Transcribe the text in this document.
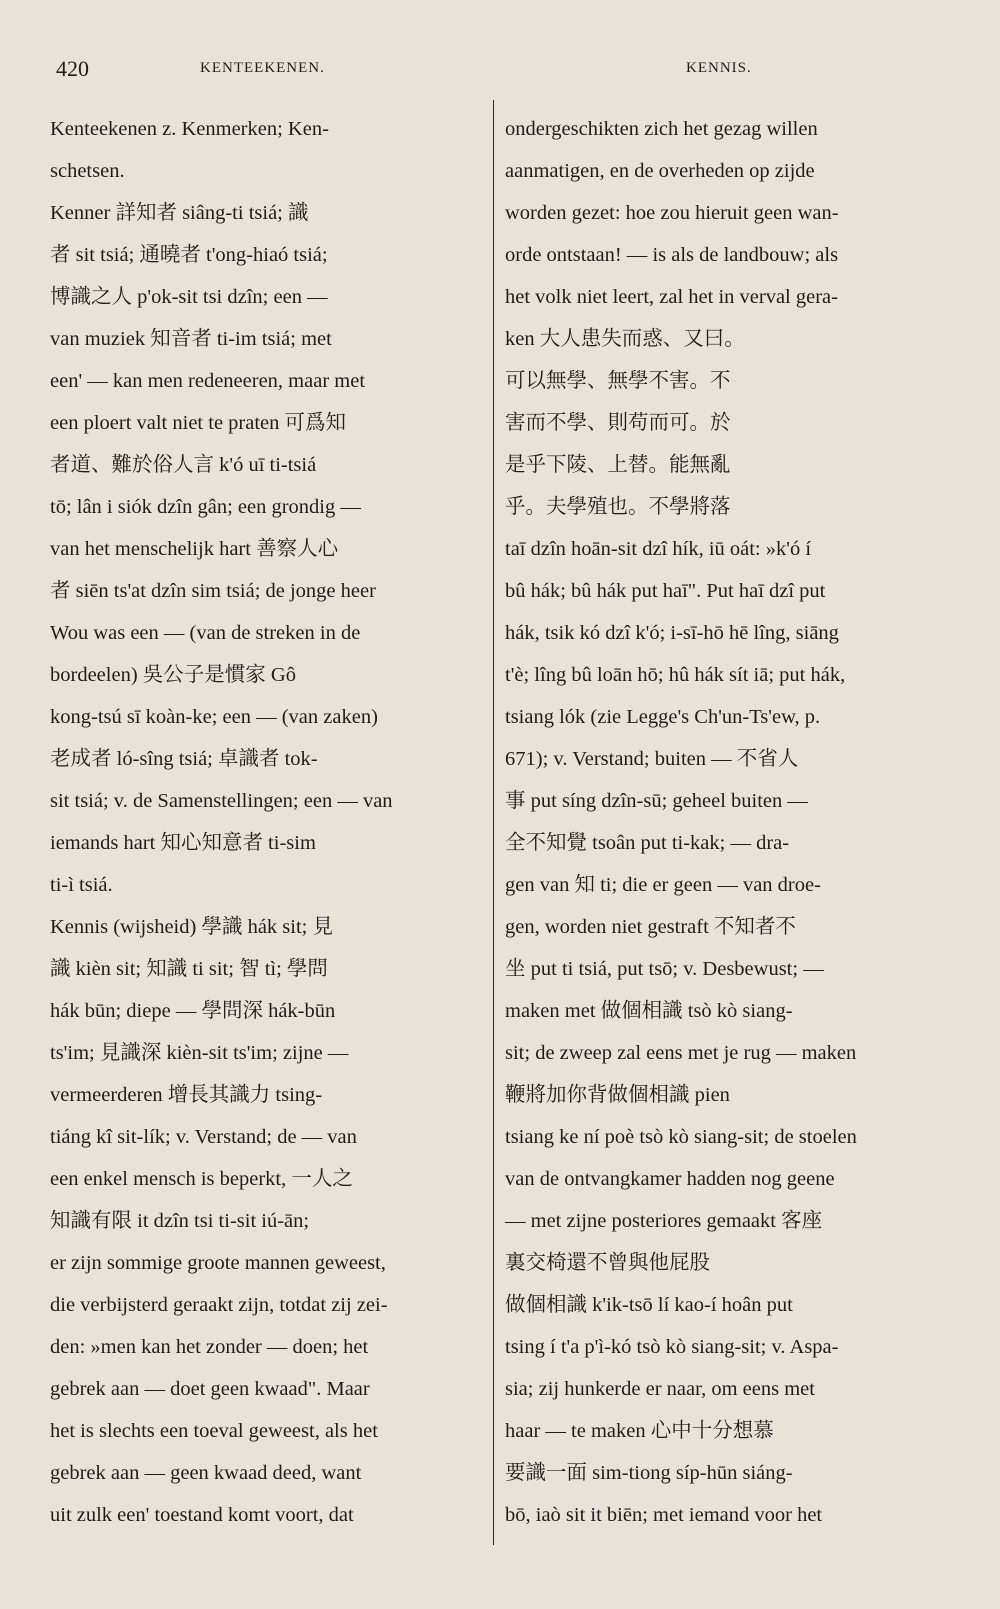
420	KENTEEKENEN.	KENNIS.
Kenteekenen z. Kenmerken; Ken-
schetsen.
Kenner 詳知者 siâng-ti tsiá; 識
者 sit tsiá; 通曉者 t'ong-hiaó tsiá;
博識之人 p'ok-sit tsi dzîn; een —
van muziek 知音者 ti-im tsiá; met
een' — kan men redeneeren, maar met
een ploert valt niet te praten 可爲知
者道、難於俗人言 k'ó uī ti-tsiá
tō; lân i siók dzîn gân; een grondig —
van het menschelijk hart 善察人心
者 siēn ts'at dzîn sim tsiá; de jonge heer
Wou was een — (van de streken in de
bordeelen) 吳公子是慣家 Gô
kong-tsú sī koàn-ke; een — (van zaken)
老成者 ló-sîng tsiá; 卓識者 tok-
sit tsiá; v. de Samenstellingen; een — van
iemands hart 知心知意者 ti-sim
ti-ì tsiá.
Kennis (wijsheid) 學識 hák sit; 見
識 kièn sit; 知識 ti sit; 智 tì; 學問
hák būn; diepe — 學問深 hák-būn
ts'im; 見識深 kièn-sit ts'im; zijne —
vermeerderen 增長其識力 tsing-
tiáng kî sit-lík; v. Verstand; de — van
een enkel mensch is beperkt, 一人之
知識有限 it dzîn tsi ti-sit iú-ān;
er zijn sommige groote mannen geweest,
die verbijsterd geraakt zijn, totdat zij zei-
den: »men kan het zonder — doen; het
gebrek aan — doet geen kwaad". Maar
het is slechts een toeval geweest, als het
gebrek aan — geen kwaad deed, want
uit zulk een' toestand komt voort, dat
ondergeschikten zich het gezag willen
aanmatigen, en de overheden op zijde
worden gezet: hoe zou hieruit geen wan-
orde ontstaan! — is als de landbouw; als
het volk niet leert, zal het in verval gera-
ken 大人患失而惑、又曰。
可以無學、無學不害。不
害而不學、則苟而可。於
是乎下陵、上替。能無亂
乎。夫學殖也。不學將落
taī dzîn hoān-sit dzî hík, iū oát: »k'ó í
bû hák; bû hák put haī". Put haī dzî put
hák, tsik kó dzî k'ó; i-sī-hō hē lîng, siāng
t'è; lîng bû loān hō; hû hák sít iā; put hák,
tsiang lók (zie Legge's Ch'un-Ts'ew, p.
671); v. Verstand; buiten — 不省人
事 put síng dzîn-sū; geheel buiten —
全不知覺 tsoân put ti-kak; — dra-
gen van 知 ti; die er geen — van droe-
gen, worden niet gestraft 不知者不
坐 put ti tsiá, put tsō; v. Desbewust; —
maken met 做個相識 tsò kò siang-
sit; de zweep zal eens met je rug — maken
鞭將加你背做個相識 pien
tsiang ke ní poè tsò kò siang-sit; de stoelen
van de ontvangkamer hadden nog geene
— met zijne posteriores gemaakt 客座
裏交椅還不曾與他屁股
做個相識 k'ik-tsō lí kao-í hoân put
tsing í t'a p'ì-kó tsò kò siang-sit; v. Aspa-
sia; zij hunkerde er naar, om eens met
haar — te maken 心中十分想慕
要識一面 sim-tiong síp-hūn siáng-
bō, iaò sit it biēn; met iemand voor het
